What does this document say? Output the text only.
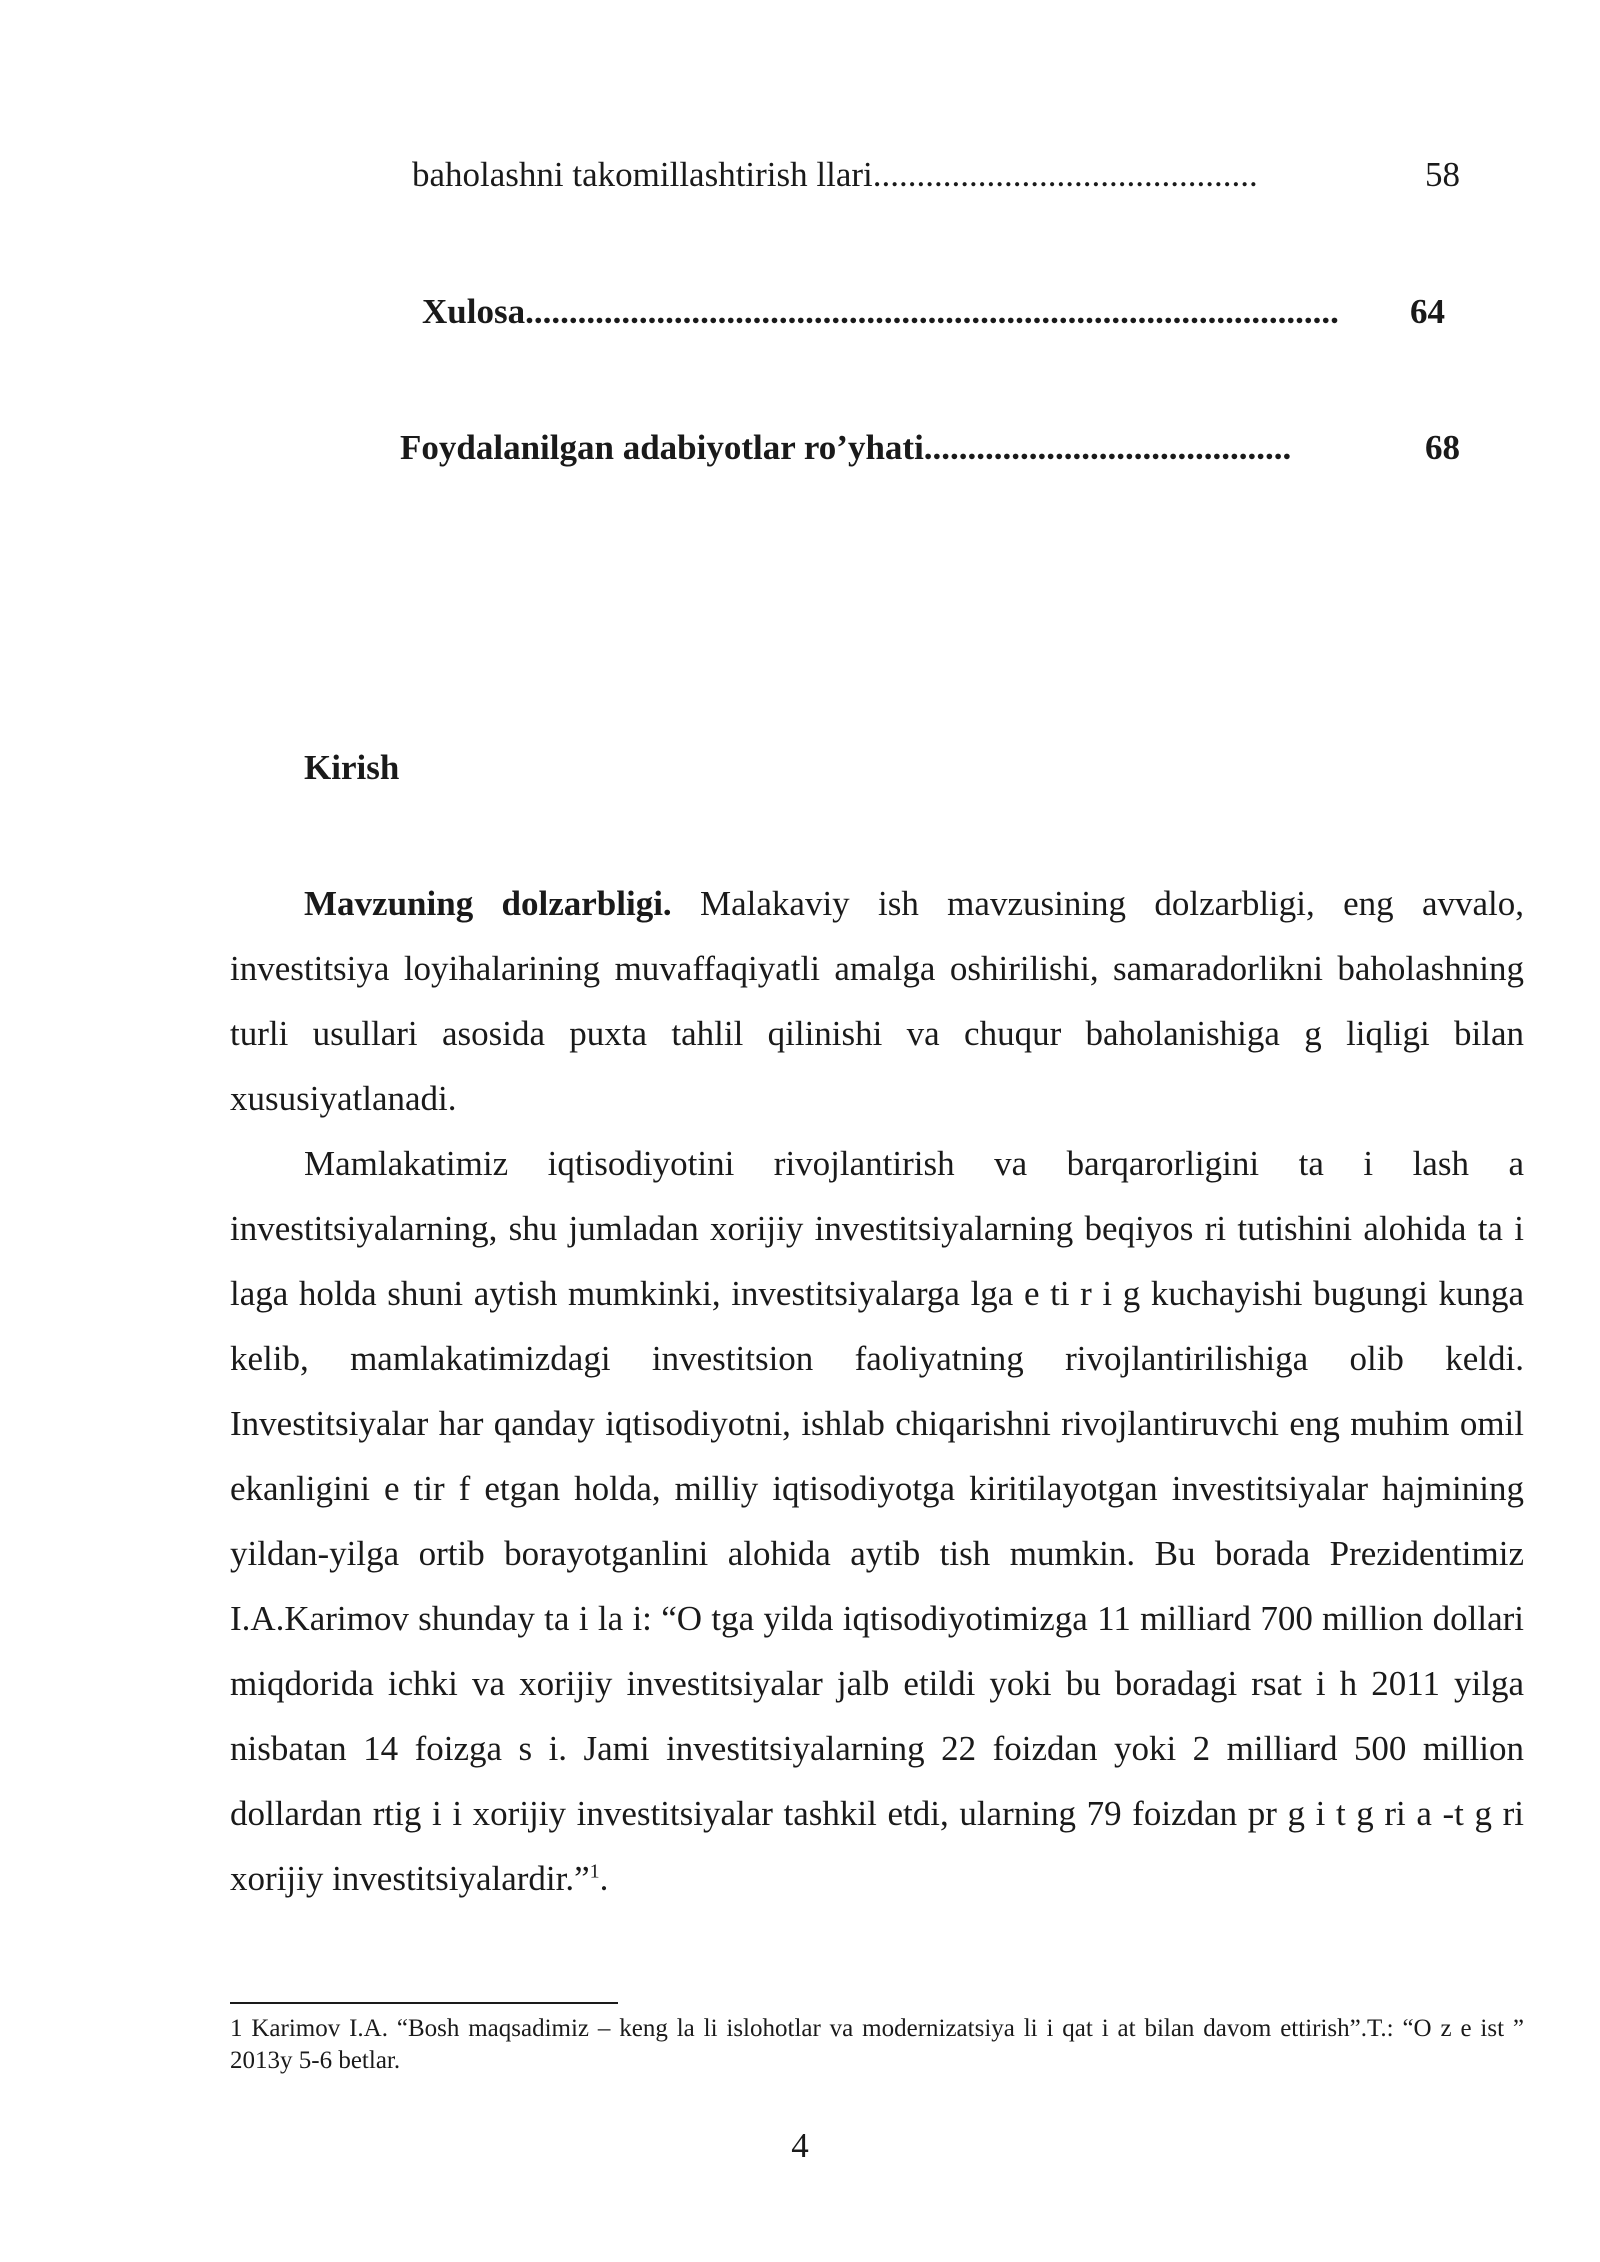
baholashni takomillashtirish llari............................................	58
Xulosa............................................................................................. 64
Foydalanilgan adabiyotlar ro’yhati..........................................	68
Kirish

Mavzuning dolzarbligi. Malakaviy ish mavzusining dolzarbligi, eng avvalo, investitsiya loyihalarining muvaffaqiyatli amalga oshirilishi, samaradorlikni baholashning turli usullari asosida puxta tahlil qilinishi va chuqur baholanishiga g liqligi bilan xususiyatlanadi.

Mamlakatimiz iqtisodiyotini rivojlantirish va barqarorligini ta i lash a investitsiyalarning, shu jumladan xorijiy investitsiyalarning beqiyos ri tutishini alohida ta i laga holda shuni aytish mumkinki, investitsiyalarga lga e ti r i g kuchayishi bugungi kunga kelib, mamlakatimizdagi investitsion faoliyatning rivojlantirilishiga olib keldi. Investitsiyalar har qanday iqtisodiyotni, ishlab chiqarishni rivojlantiruvchi eng muhim omil ekanligini e tir f etgan holda, milliy iqtisodiyotga kiritilayotgan investitsiyalar hajmining yildan-yilga ortib borayotganlini alohida aytib tish mumkin. Bu borada Prezidentimiz I.A.Karimov shunday ta i la i: “O tga yilda iqtisodiyotimizga 11 milliard 700 million dollari miqdorida ichki va xorijiy investitsiyalar jalb etildi yoki bu boradagi rsat i h 2011 yilga nisbatan 14 foizga s i. Jami investitsiyalarning 22 foizdan yoki 2 milliard 500 million dollardan rtig i i xorijiy investitsiyalar tashkil etdi, ularning 79 foizdan pr g i t g ri a -t g ri xorijiy investitsiyalardir.”$^1$.

1 Karimov I.A. “Bosh maqsadimiz – keng la li islohotlar va modernizatsiya li i qat i at bilan davom ettirish”.T.: “O z e ist ” 2013y 5-6 betlar.
4
